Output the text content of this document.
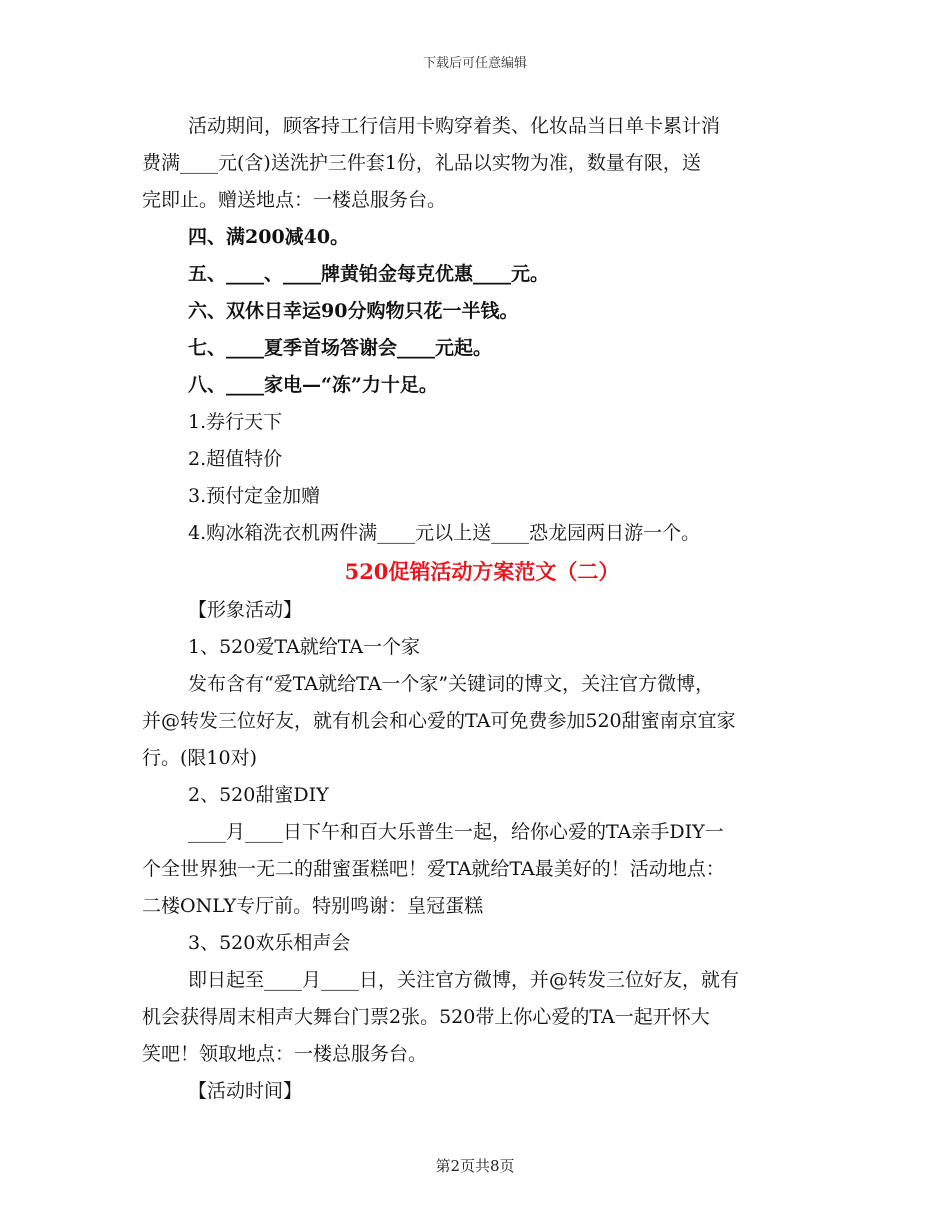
下载后可任意编辑
活动期间，顾客持工行信用卡购穿着类、化妆品当日单卡累计消
费满____元(含)送洗护三件套1份，礼品以实物为准，数量有限，送
完即止。赠送地点：一楼总服务台。
四、满200减40。
五、____、____牌黄铂金每克优惠____元。
六、双休日幸运90分购物只花一半钱。
七、____夏季首场答谢会____元起。
八、____家电—“冻”力十足。
1.券行天下
2.超值特价
3.预付定金加赠
4.购冰箱洗衣机两件满____元以上送____恐龙园两日游一个。
520促销活动方案范文（二）
【形象活动】
1、520爱TA就给TA一个家
发布含有“爱TA就给TA一个家”关键词的博文，关注官方微博，
并@转发三位好友，就有机会和心爱的TA可免费参加520甜蜜南京宜家
行。(限10对)
2、520甜蜜DIY
____月____日下午和百大乐普生一起，给你心爱的TA亲手DIY一
个全世界独一无二的甜蜜蛋糕吧！爱TA就给TA最美好的！活动地点：
二楼ONLY专厅前。特别鸣谢：皇冠蛋糕
3、520欢乐相声会
即日起至____月____日，关注官方微博，并@转发三位好友，就有
机会获得周末相声大舞台门票2张。520带上你心爱的TA一起开怀大
笑吧！领取地点：一楼总服务台。
【活动时间】
第2页共8页
